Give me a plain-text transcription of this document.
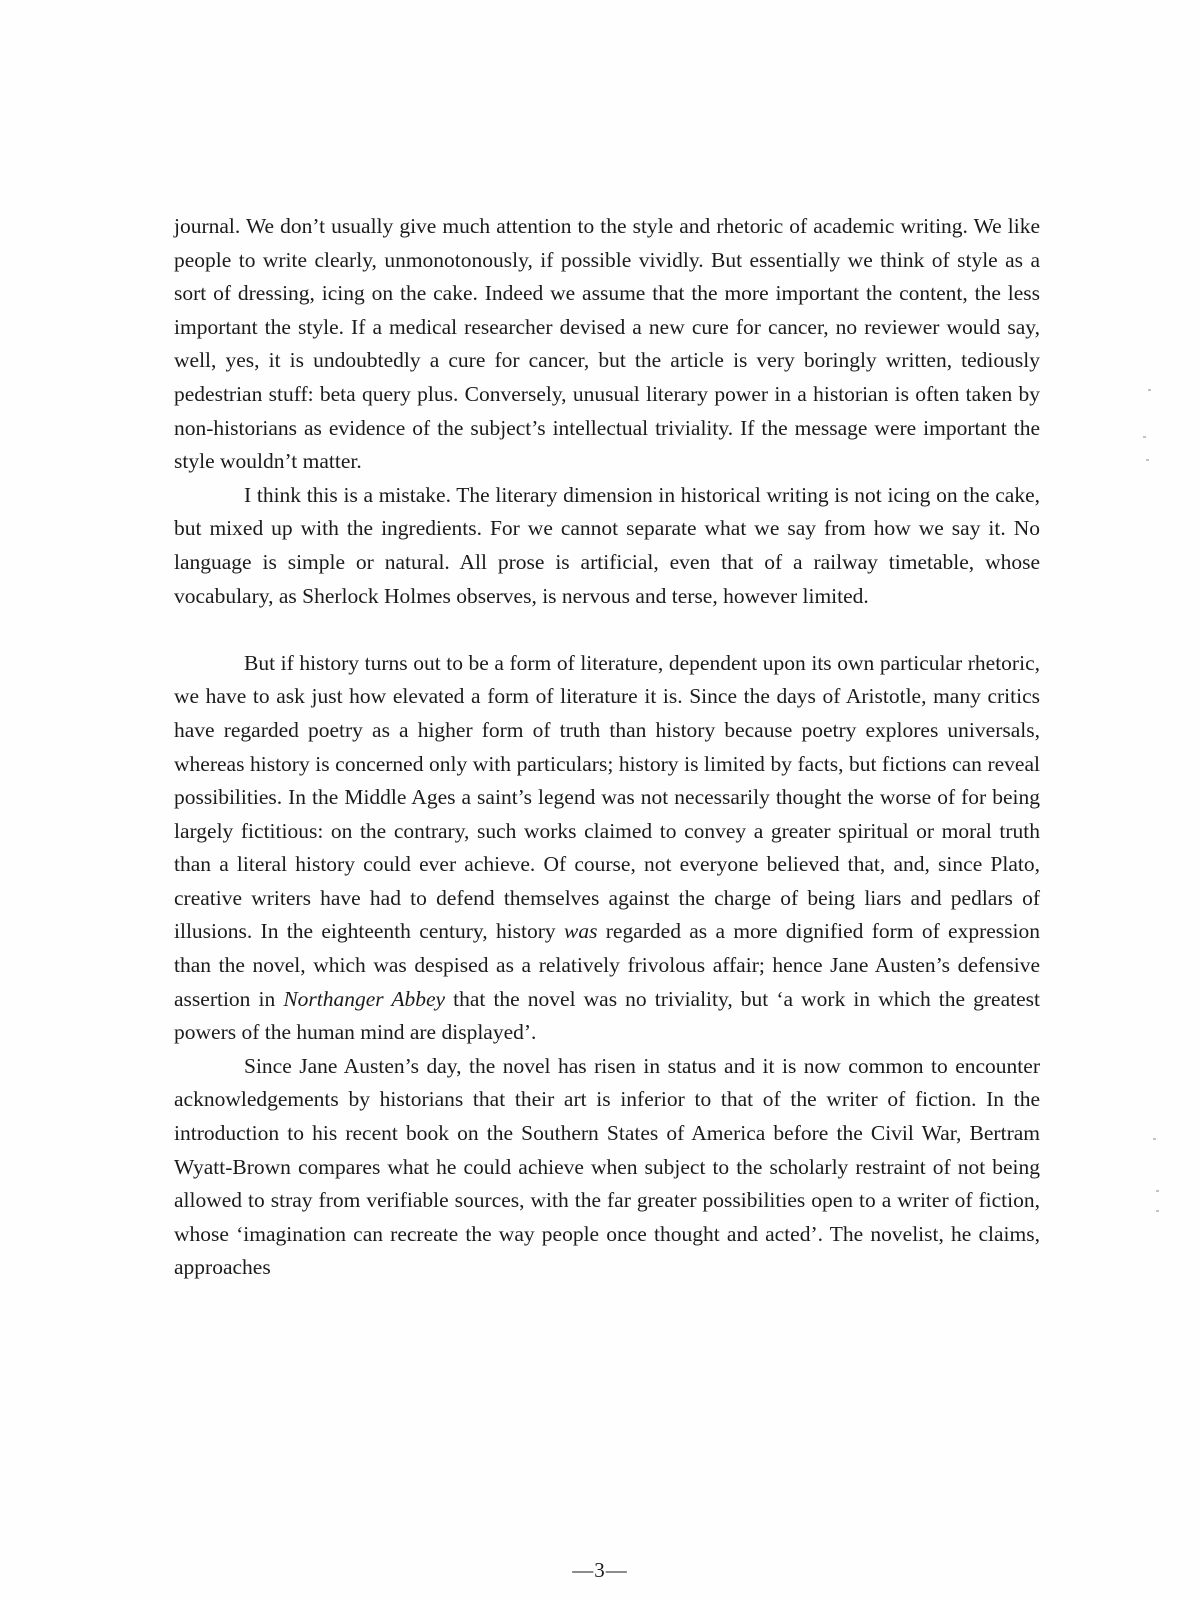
journal. We don’t usually give much attention to the style and rhetoric of academic writing. We like people to write clearly, unmonotonously, if possible vividly. But essentially we think of style as a sort of dressing, icing on the cake. Indeed we assume that the more important the content, the less important the style. If a medical researcher devised a new cure for cancer, no reviewer would say, well, yes, it is undoubtedly a cure for cancer, but the article is very boringly written, tediously pedestrian stuff: beta query plus. Conversely, unusual literary power in a historian is often taken by non-historians as evidence of the subject’s intellectual triviality. If the message were important the style wouldn’t matter.

I think this is a mistake. The literary dimension in historical writing is not icing on the cake, but mixed up with the ingredients. For we cannot separate what we say from how we say it. No language is simple or natural. All prose is artificial, even that of a railway timetable, whose vocabulary, as Sherlock Holmes observes, is nervous and terse, however limited.

But if history turns out to be a form of literature, dependent upon its own particular rhetoric, we have to ask just how elevated a form of literature it is. Since the days of Aristotle, many critics have regarded poetry as a higher form of truth than history because poetry explores universals, whereas history is concerned only with particulars; history is limited by facts, but fictions can reveal possibilities. In the Middle Ages a saint’s legend was not necessarily thought the worse of for being largely fictitious: on the contrary, such works claimed to convey a greater spiritual or moral truth than a literal history could ever achieve. Of course, not everyone believed that, and, since Plato, creative writers have had to defend themselves against the charge of being liars and pedlars of illusions. In the eighteenth century, history was regarded as a more dignified form of expression than the novel, which was despised as a relatively frivolous affair; hence Jane Austen’s defensive assertion in Northanger Abbey that the novel was no triviality, but ‘a work in which the greatest powers of the human mind are displayed’.

Since Jane Austen’s day, the novel has risen in status and it is now common to encounter acknowledgements by historians that their art is inferior to that of the writer of fiction. In the introduction to his recent book on the Southern States of America before the Civil War, Bertram Wyatt-Brown compares what he could achieve when subject to the scholarly restraint of not being allowed to stray from verifiable sources, with the far greater possibilities open to a writer of fiction, whose ‘imagination can recreate the way people once thought and acted’. The novelist, he claims, approaches

—3—
